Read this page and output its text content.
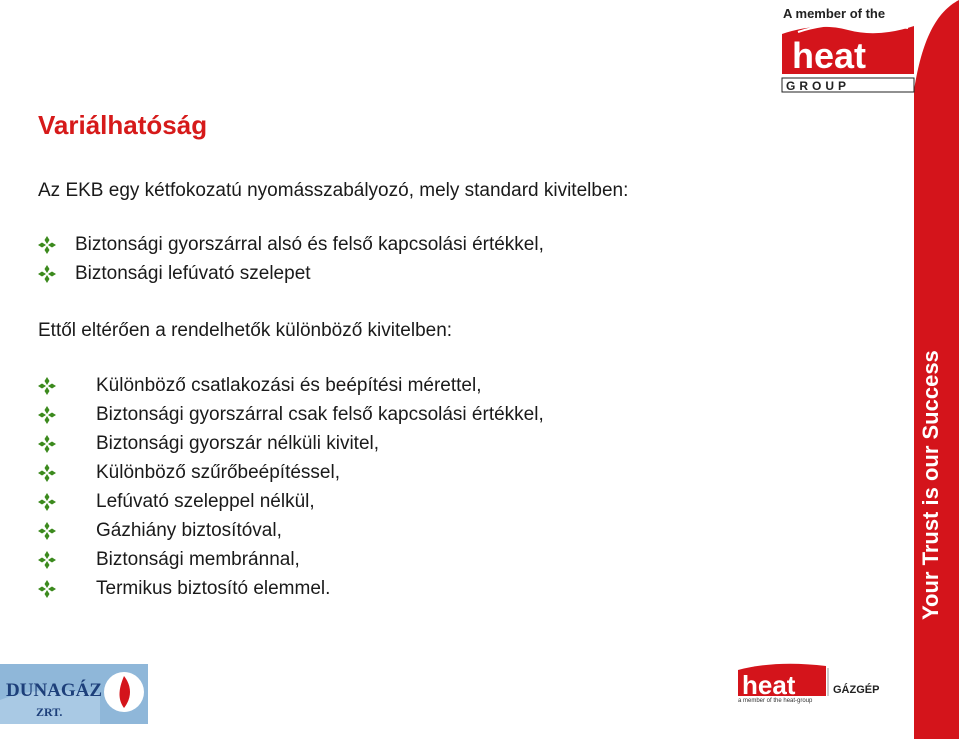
Variálhatóság
Az EKB egy kétfokozatú nyomásszabályozó, mely standard kivitelben:
Biztonsági gyorszárral alsó és felső kapcsolási értékkel,
Biztonsági lefúvató szelepet
Ettől eltérően a rendelhetők különböző kivitelben:
Különböző csatlakozási és beépítési mérettel,
Biztonsági gyorszárral csak felső kapcsolási értékkel,
Biztonsági gyorszár nélküli kivitel,
Különböző szűrőbeépítéssel,
Lefúvató szeleppel nélkül,
Gázhiány biztosítóval,
Biztonsági membránnal,
Termikus biztosító elemmel.	Your Trust is our Success
A member of the
heat
GROUP
DUNAGÁZ
ZRT.
heat	GÁZGÉP
a member of the heat-group
